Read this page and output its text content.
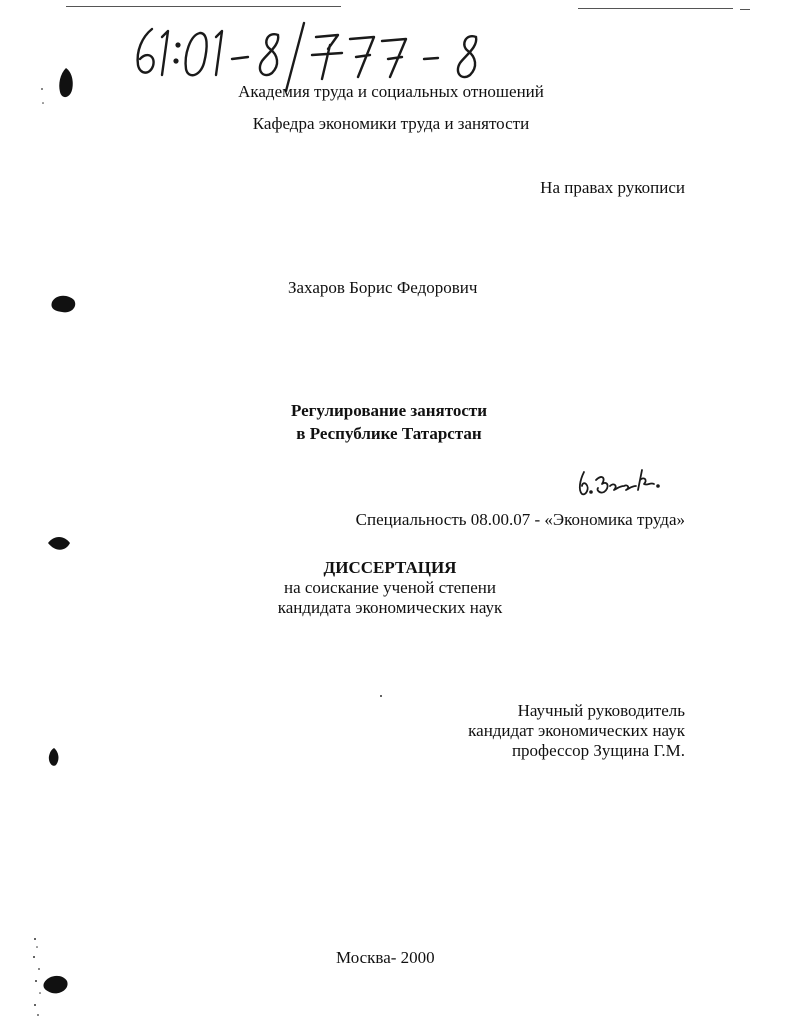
Академия труда и социальных отношений
Кафедра экономики труда и занятости
На правах рукописи
Захаров Борис Федорович
Регулирование занятости
в Республике Татарстан
Специальность 08.00.07 - «Экономика труда»
ДИССЕРТАЦИЯ
на соискание ученой степени
кандидата экономических наук
Научный руководитель
кандидат экономических наук
профессор Зущина Г.М.
Москва- 2000
